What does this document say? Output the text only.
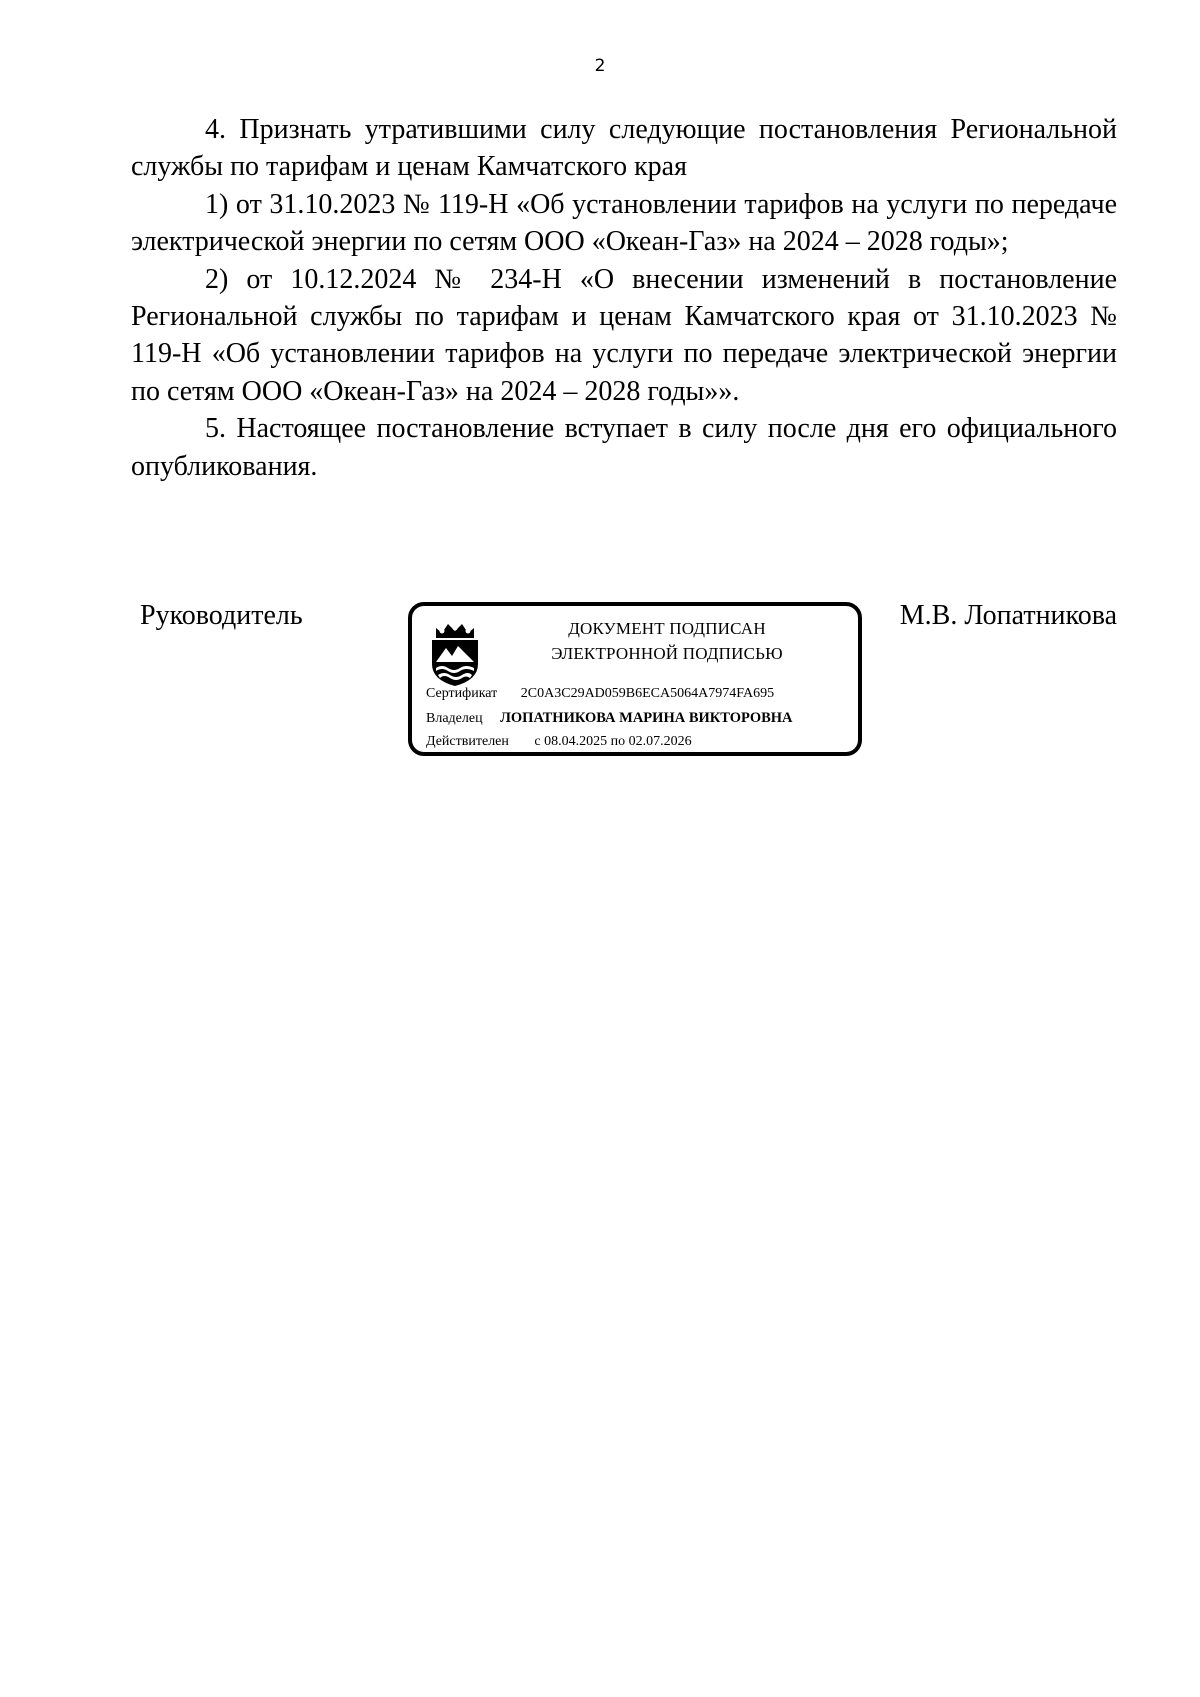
2

4. Признать утратившими силу следующие постановления Региональной службы по тарифам и ценам Камчатского края

1) от 31.10.2023 № 119-Н «Об установлении тарифов на услуги по передаче электрической энергии по сетям ООО «Океан-Газ» на 2024 – 2028 годы»;

2) от 10.12.2024 № 234-Н «О внесении изменений в постановление Региональной службы по тарифам и ценам Камчатского края от 31.10.2023 № 119-Н «Об установлении тарифов на услуги по передаче электрической энергии по сетям ООО «Океан-Газ» на 2024 – 2028 годы»».

5. Настоящее постановление вступает в силу после дня его официального опубликования.

Руководитель	ДОКУМЕНТ ПОДПИСАН
ЭЛЕКТРОННОЙ ПОДПИСЬЮ
Сертификат 2C0A3C29AD059B6ECA5064A7974FA695
Владелец ЛОПАТНИКОВА МАРИНА ВИКТОРОВНА
Действителен с 08.04.2025 по 02.07.2026
М.В. Лопатникова
